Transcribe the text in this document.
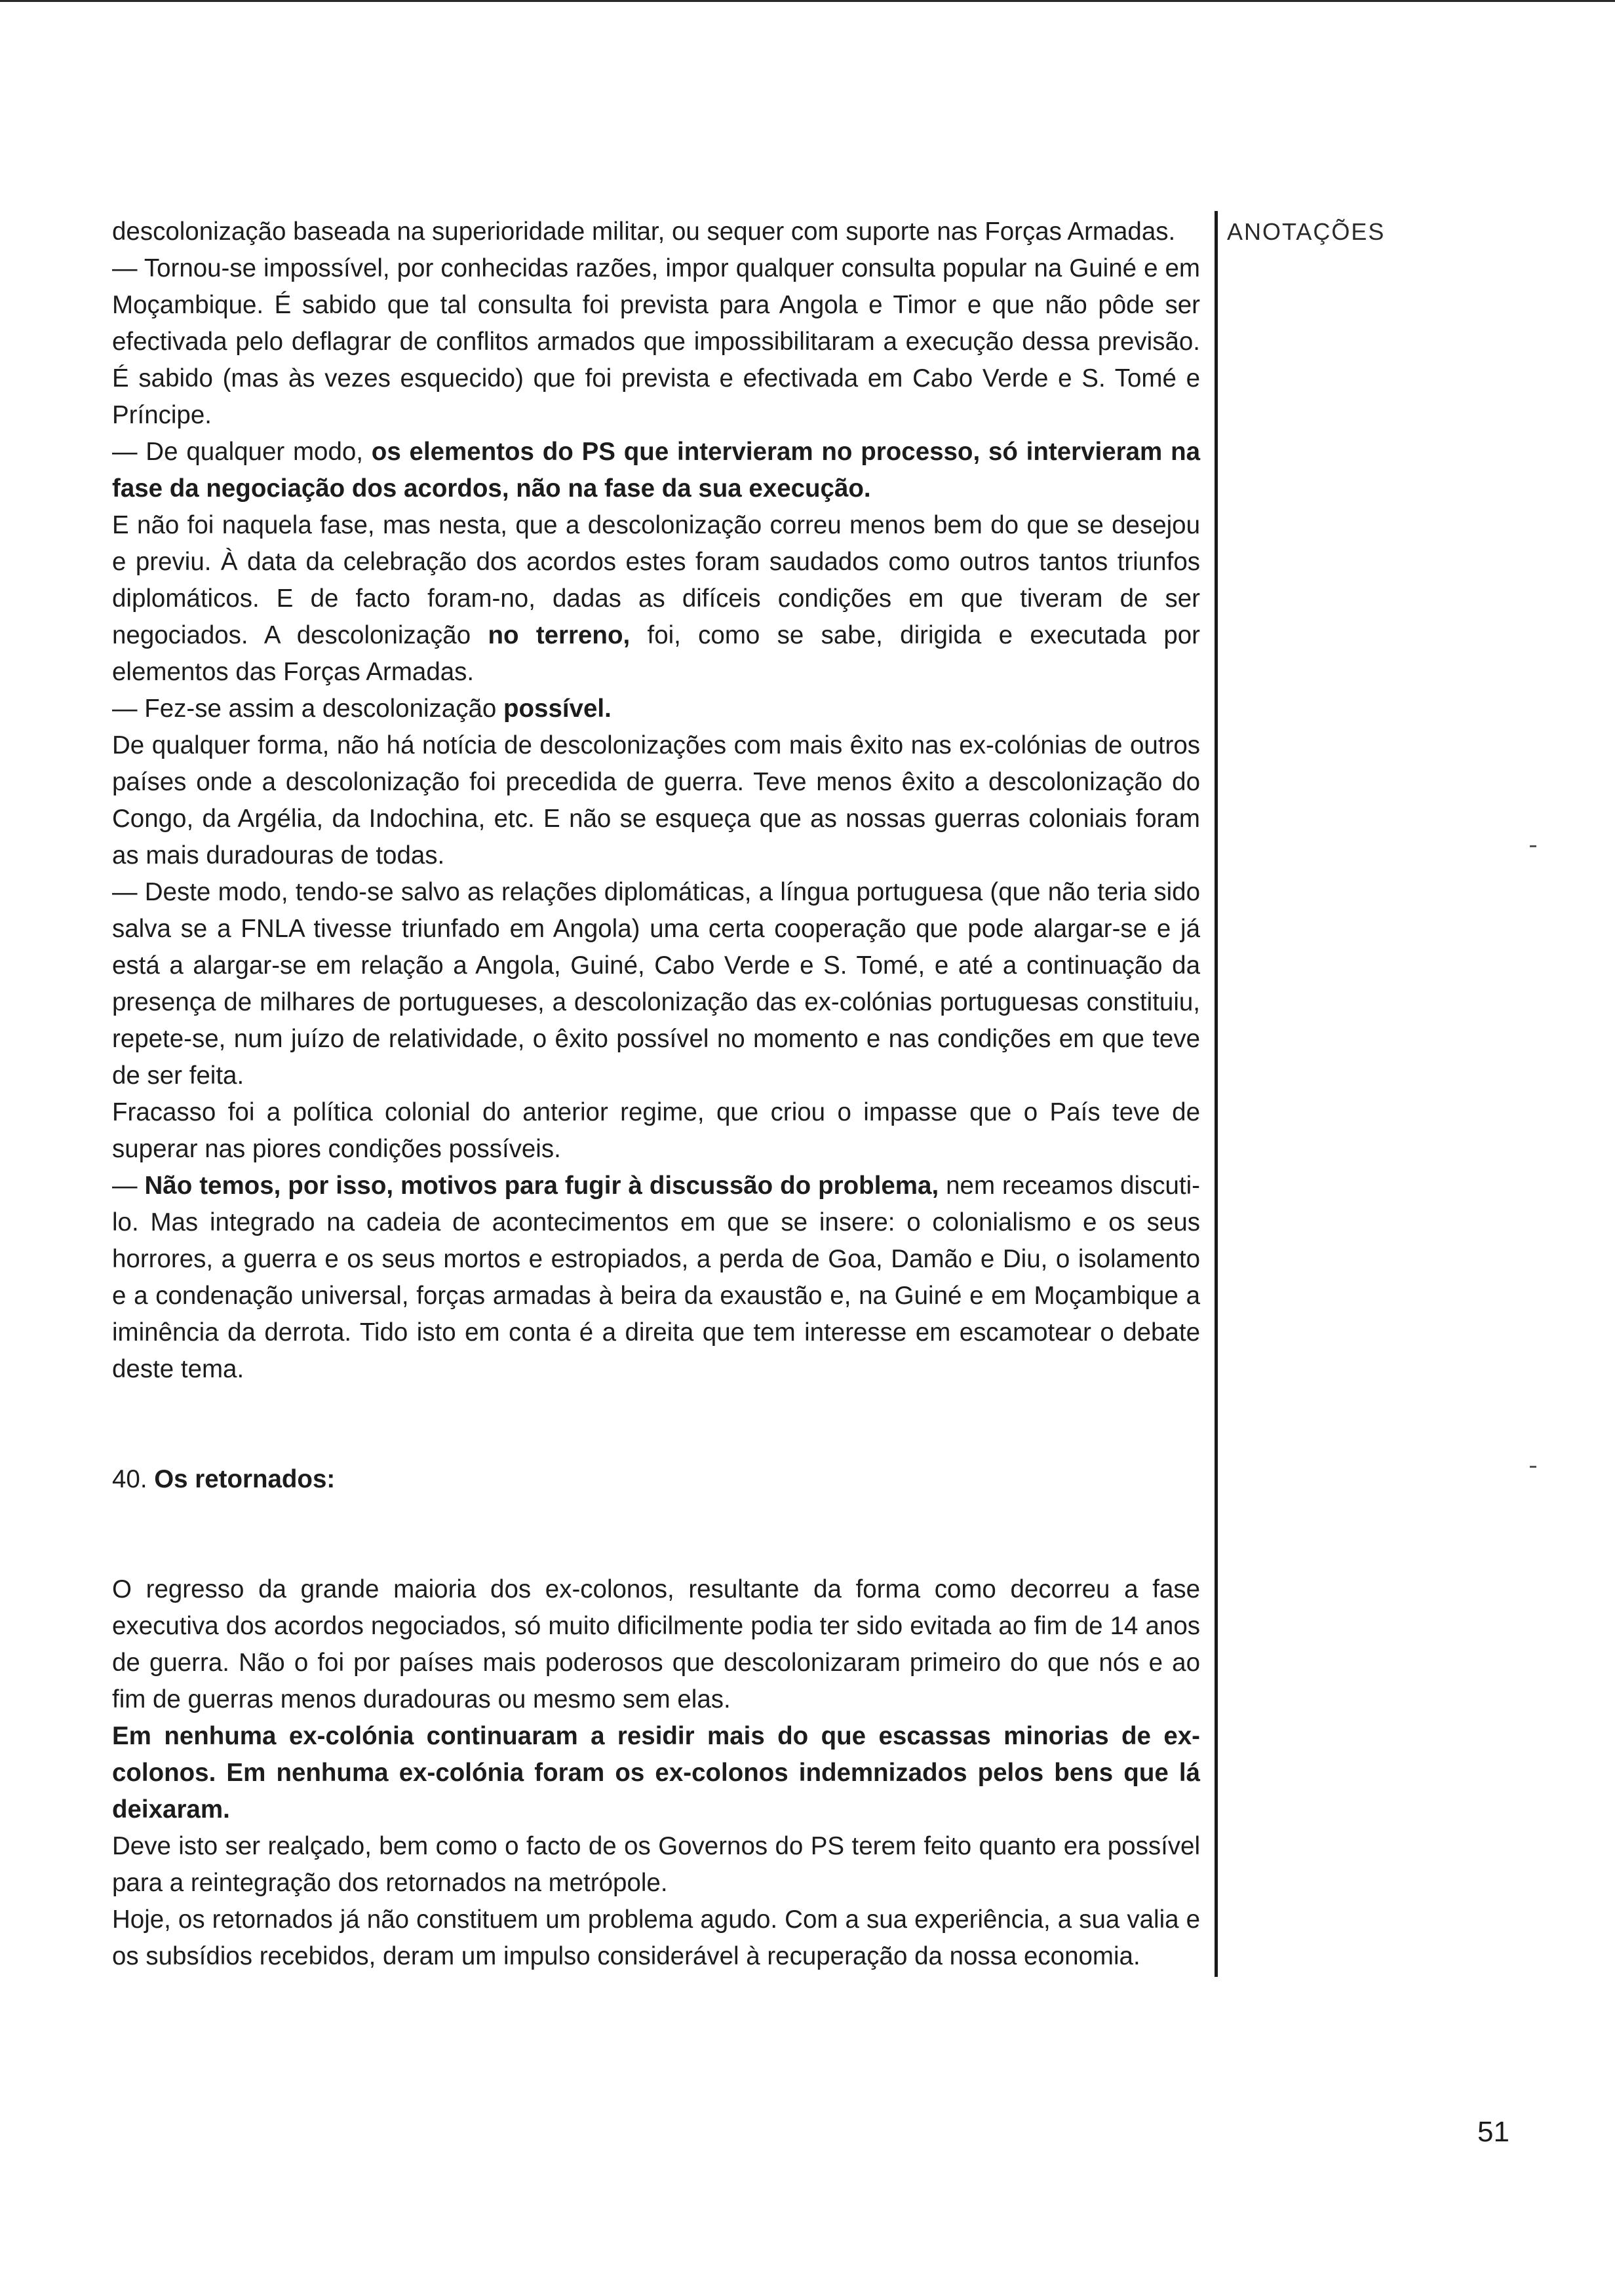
descolonização baseada na superioridade militar, ou sequer com suporte nas Forças Armadas.

— Tornou-se impossível, por conhecidas razões, impor qualquer consulta popular na Guiné e em Moçambique. É sabido que tal consulta foi prevista para Angola e Timor e que não pôde ser efectivada pelo deflagrar de conflitos armados que impossibilitaram a execução dessa previsão. É sabido (mas às vezes esquecido) que foi prevista e efectivada em Cabo Verde e S. Tomé e Príncipe.

— De qualquer modo, os elementos do PS que intervieram no processo, só intervieram na fase da negociação dos acordos, não na fase da sua execução.

E não foi naquela fase, mas nesta, que a descolonização correu menos bem do que se desejou e previu. À data da celebração dos acordos estes foram saudados como outros tantos triunfos diplomáticos. E de facto foram-no, dadas as difíceis condições em que tiveram de ser negociados. A descolonização no terreno, foi, como se sabe, dirigida e executada por elementos das Forças Armadas.

— Fez-se assim a descolonização possível.

De qualquer forma, não há notícia de descolonizações com mais êxito nas ex-colónias de outros países onde a descolonização foi precedida de guerra. Teve menos êxito a descolonização do Congo, da Argélia, da Indochina, etc. E não se esqueça que as nossas guerras coloniais foram as mais duradouras de todas.

— Deste modo, tendo-se salvo as relações diplomáticas, a língua portuguesa (que não teria sido salva se a FNLA tivesse triunfado em Angola) uma certa cooperação que pode alargar-se e já está a alargar-se em relação a Angola, Guiné, Cabo Verde e S. Tomé, e até a continuação da presença de milhares de portugueses, a descolonização das ex-colónias portuguesas constituiu, repete-se, num juízo de relatividade, o êxito possível no momento e nas condições em que teve de ser feita.

Fracasso foi a política colonial do anterior regime, que criou o impasse que o País teve de superar nas piores condições possíveis.

— Não temos, por isso, motivos para fugir à discussão do problema, nem receamos discuti-lo. Mas integrado na cadeia de acontecimentos em que se insere: o colonialismo e os seus horrores, a guerra e os seus mortos e estropiados, a perda de Goa, Damão e Diu, o isolamento e a condenação universal, forças armadas à beira da exaustão e, na Guiné e em Moçambique a iminência da derrota. Tido isto em conta é a direita que tem interesse em escamotear o debate deste tema.

40. Os retornados:

O regresso da grande maioria dos ex-colonos, resultante da forma como decorreu a fase executiva dos acordos negociados, só muito dificilmente podia ter sido evitada ao fim de 14 anos de guerra. Não o foi por países mais poderosos que descolonizaram primeiro do que nós e ao fim de guerras menos duradouras ou mesmo sem elas.

Em nenhuma ex-colónia continuaram a residir mais do que escassas minorias de ex-colonos. Em nenhuma ex-colónia foram os ex-colonos indemnizados pelos bens que lá deixaram.

Deve isto ser realçado, bem como o facto de os Governos do PS terem feito quanto era possível para a reintegração dos retornados na metrópole.

Hoje, os retornados já não constituem um problema agudo. Com a sua experiência, a sua valia e os subsídios recebidos, deram um impulso considerável à recuperação da nossa economia.

ANOTAÇÕES
51
